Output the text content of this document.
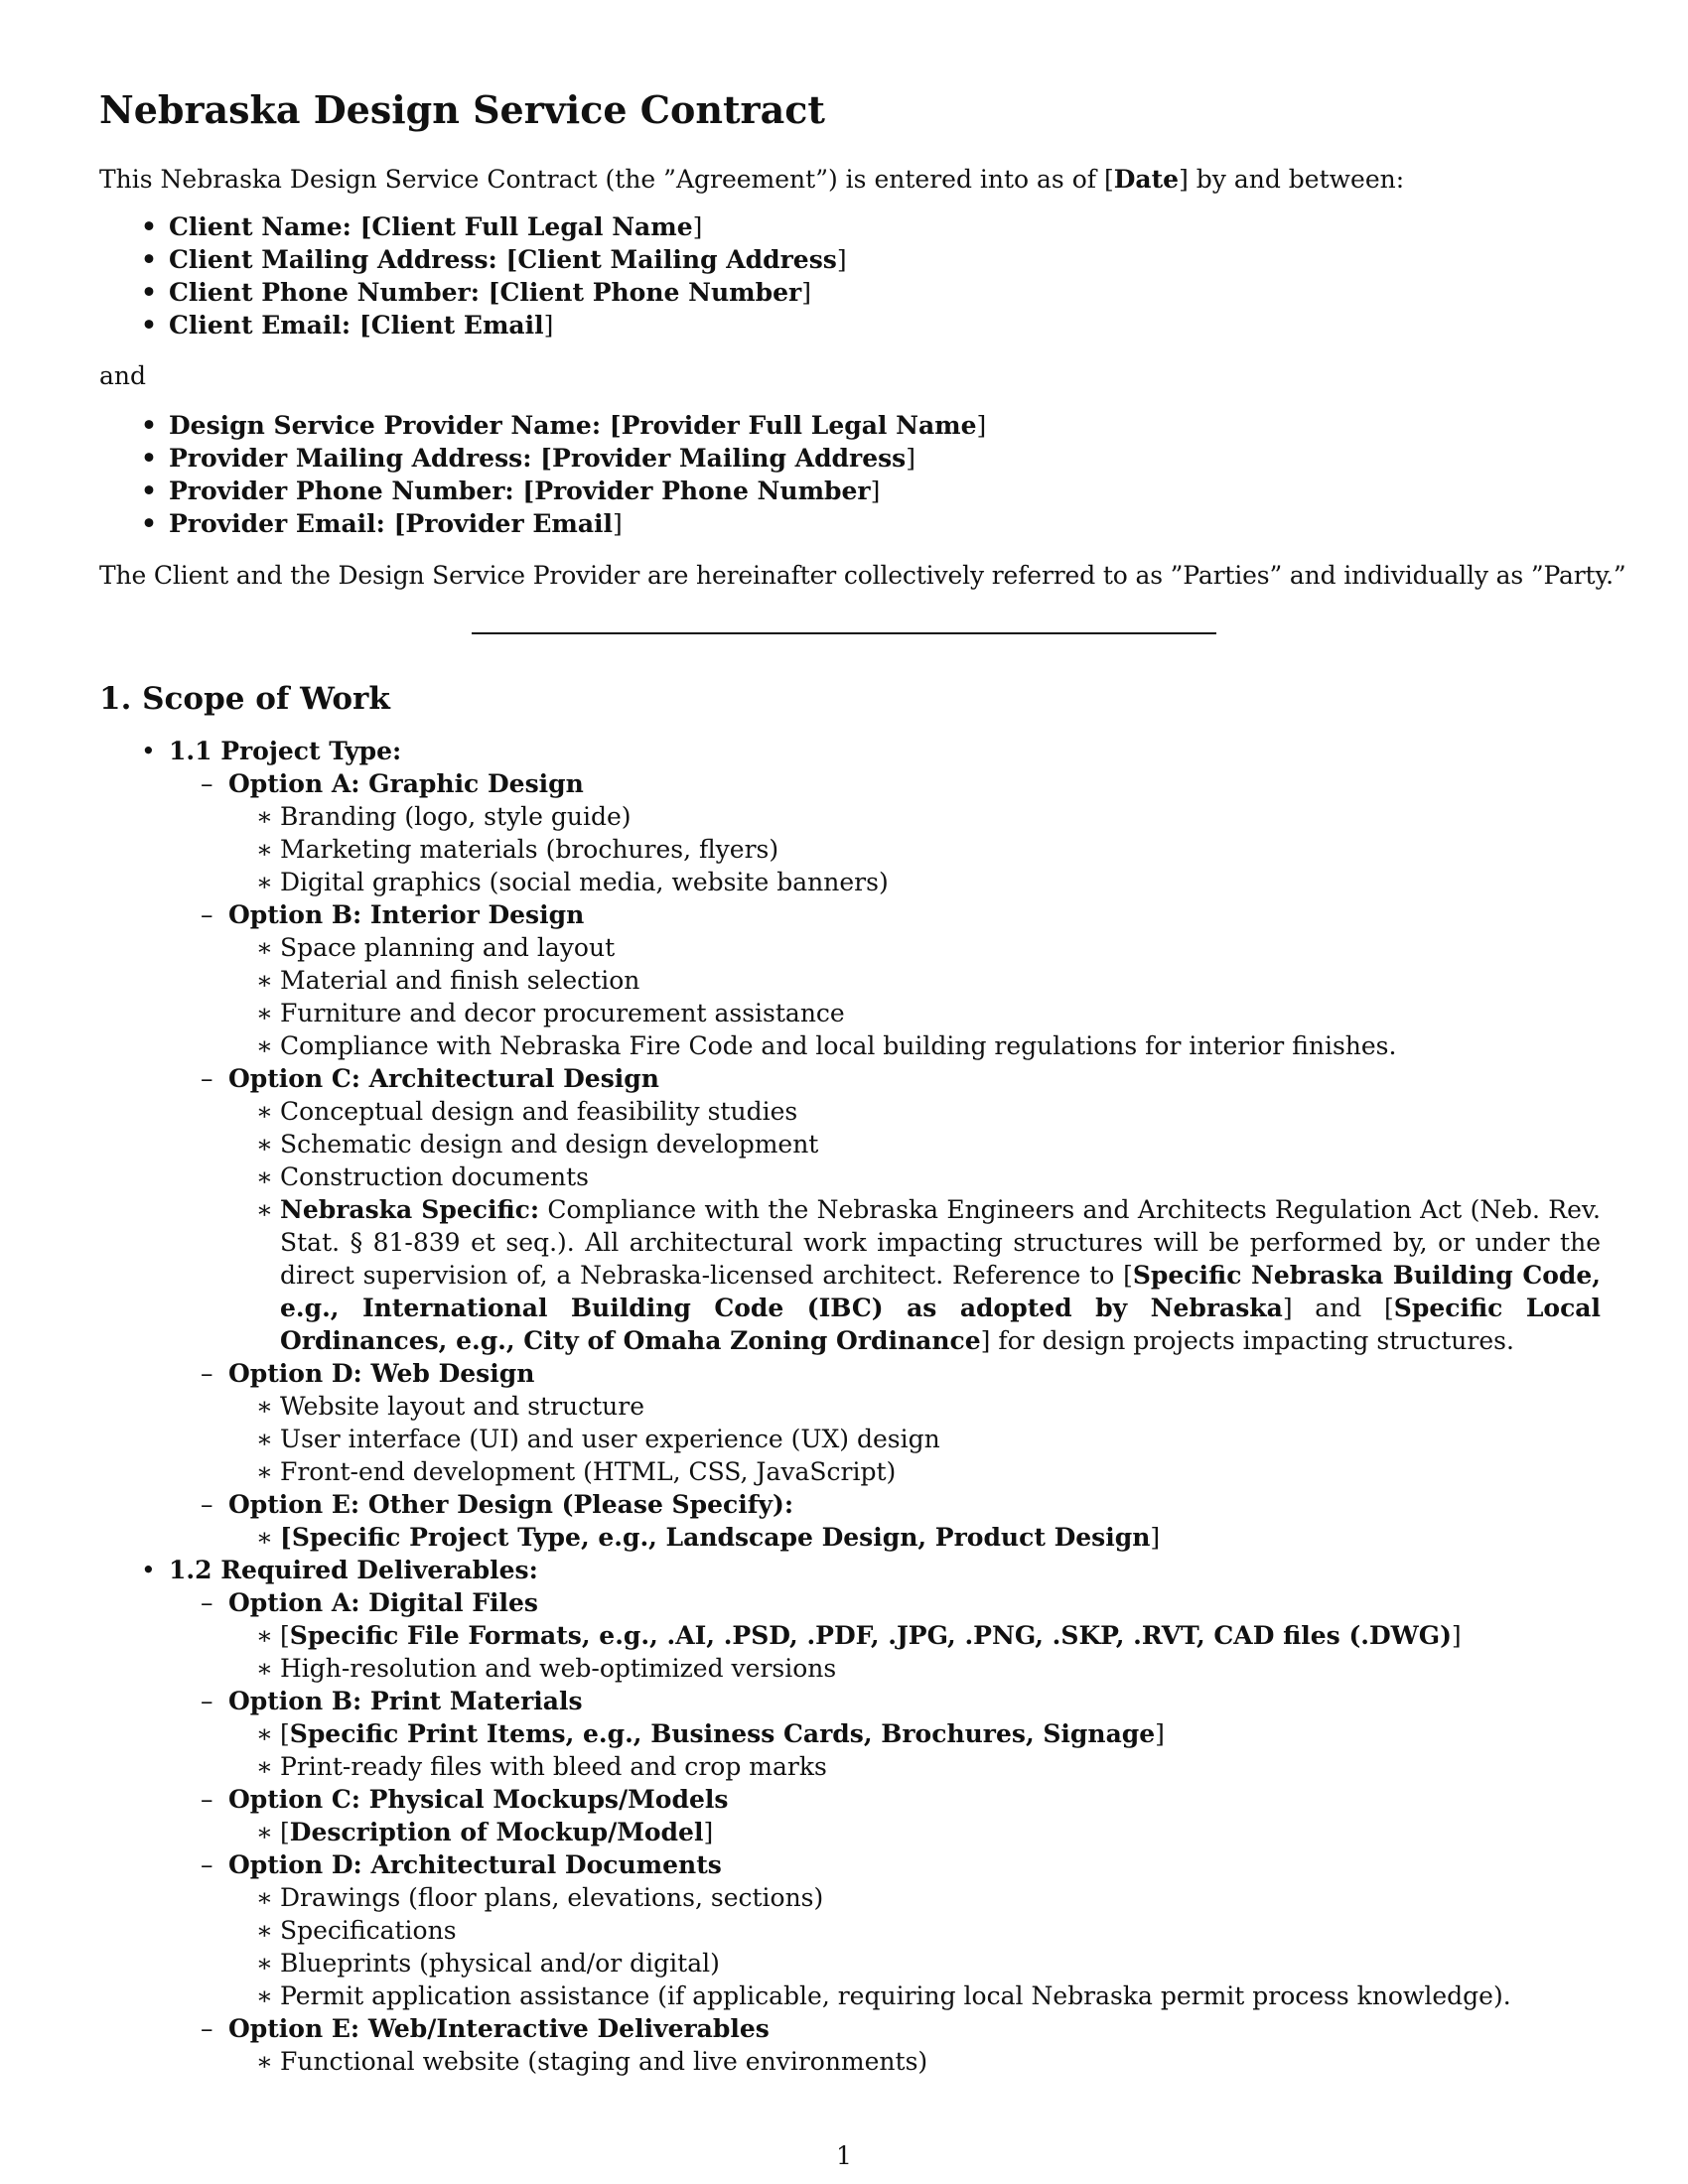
Nebraska Design Service Contract

This Nebraska Design Service Contract (the ”Agreement”) is entered into as of [Date] by and between:

• Client Name: [Client Full Legal Name]
• Client Mailing Address: [Client Mailing Address]
• Client Phone Number: [Client Phone Number]
• Client Email: [Client Email]

and

• Design Service Provider Name: [Provider Full Legal Name]
• Provider Mailing Address: [Provider Mailing Address]
• Provider Phone Number: [Provider Phone Number]
• Provider Email: [Provider Email]

The Client and the Design Service Provider are hereinafter collectively referred to as ”Parties” and individually as ”Party.”

1. Scope of Work
• 1.1 Project Type:
– Option A: Graphic Design
∗ Branding (logo, style guide)
∗ Marketing materials (brochures, flyers)
∗ Digital graphics (social media, website banners)
– Option B: Interior Design
∗ Space planning and layout
∗ Material and finish selection
∗ Furniture and decor procurement assistance
∗ Compliance with Nebraska Fire Code and local building regulations for interior finishes.
– Option C: Architectural Design
∗ Conceptual design and feasibility studies
∗ Schematic design and design development
∗ Construction documents
∗ Nebraska Specific: Compliance with the Nebraska Engineers and Architects Regulation Act (Neb. Rev. Stat. § 81-839 et seq.). All architectural work impacting structures will be performed by, or under the direct supervision of, a Nebraska-licensed architect. Reference to [Specific Nebraska Building Code, e.g., International Building Code (IBC) as adopted by Nebraska] and [Specific Local Ordinances, e.g., City of Omaha Zoning Ordinance] for design projects impacting structures.
– Option D: Web Design
∗ Website layout and structure
∗ User interface (UI) and user experience (UX) design
∗ Front-end development (HTML, CSS, JavaScript)
– Option E: Other Design (Please Specify):
∗ [Specific Project Type, e.g., Landscape Design, Product Design]
• 1.2 Required Deliverables:
– Option A: Digital Files
∗ [Specific File Formats, e.g., .AI, .PSD, .PDF, .JPG, .PNG, .SKP, .RVT, CAD files (.DWG)]
∗ High-resolution and web-optimized versions
– Option B: Print Materials
∗ [Specific Print Items, e.g., Business Cards, Brochures, Signage]
∗ Print-ready files with bleed and crop marks
– Option C: Physical Mockups/Models
∗ [Description of Mockup/Model]
– Option D: Architectural Documents
∗ Drawings (floor plans, elevations, sections)
∗ Specifications
∗ Blueprints (physical and/or digital)
∗ Permit application assistance (if applicable, requiring local Nebraska permit process knowledge).
– Option E: Web/Interactive Deliverables
∗ Functional website (staging and live environments)
1
